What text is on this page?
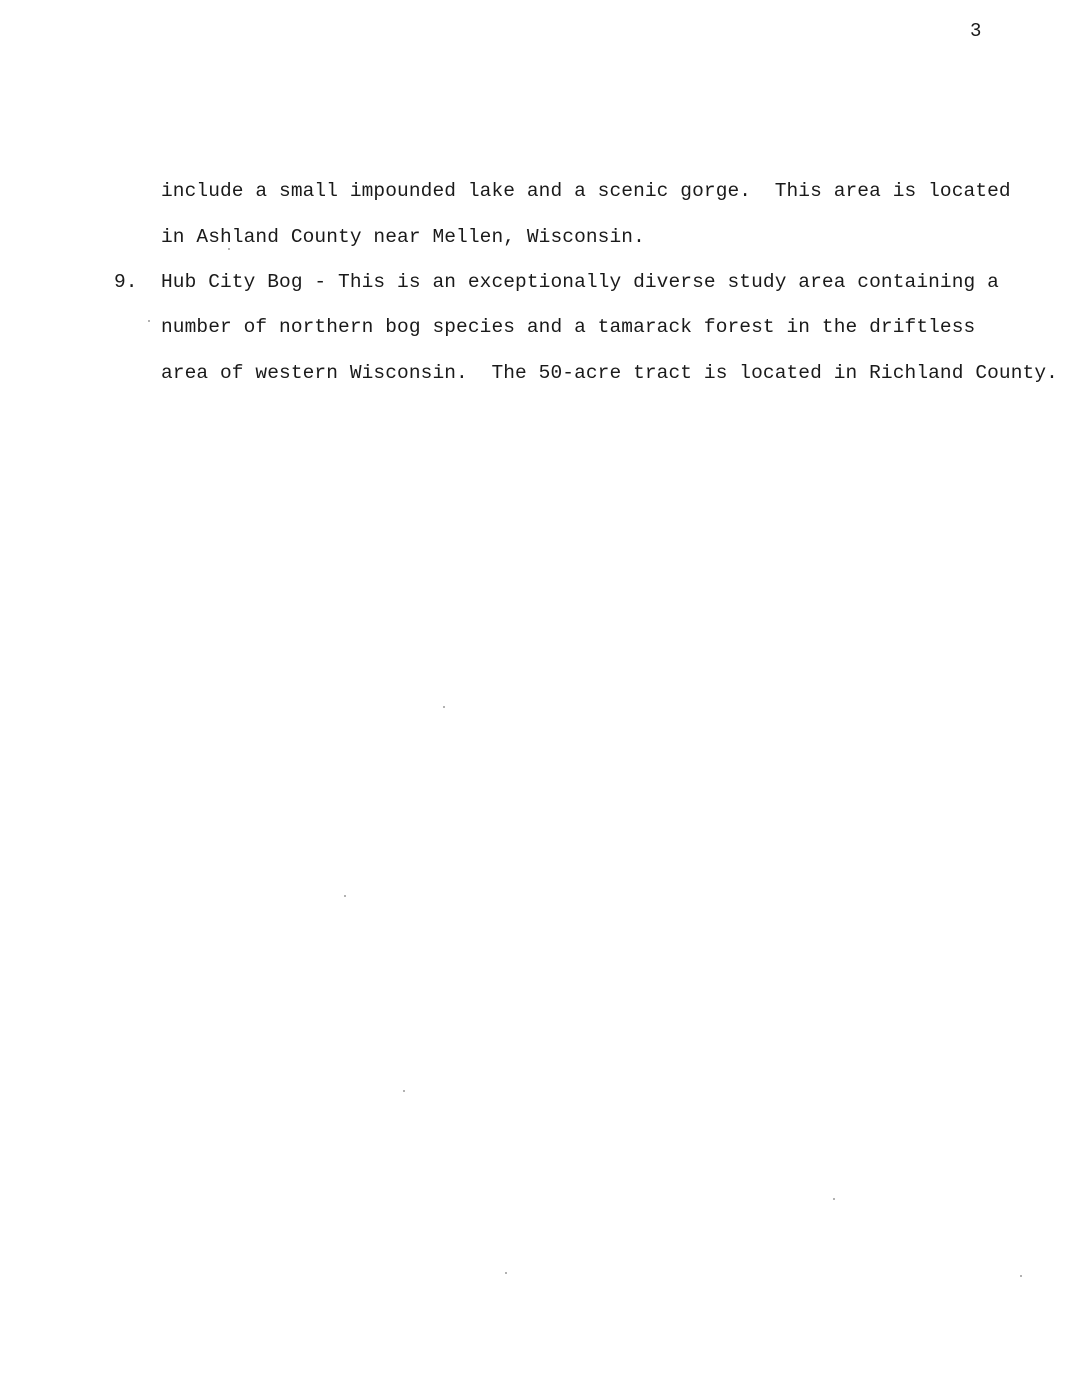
3
include a small impounded lake and a scenic gorge.  This area is located
in Ashland County near Mellen, Wisconsin.
9. Hub City Bog - This is an exceptionally diverse study area containing a
number of northern bog species and a tamarack forest in the driftless
area of western Wisconsin.  The 50-acre tract is located in Richland County.
